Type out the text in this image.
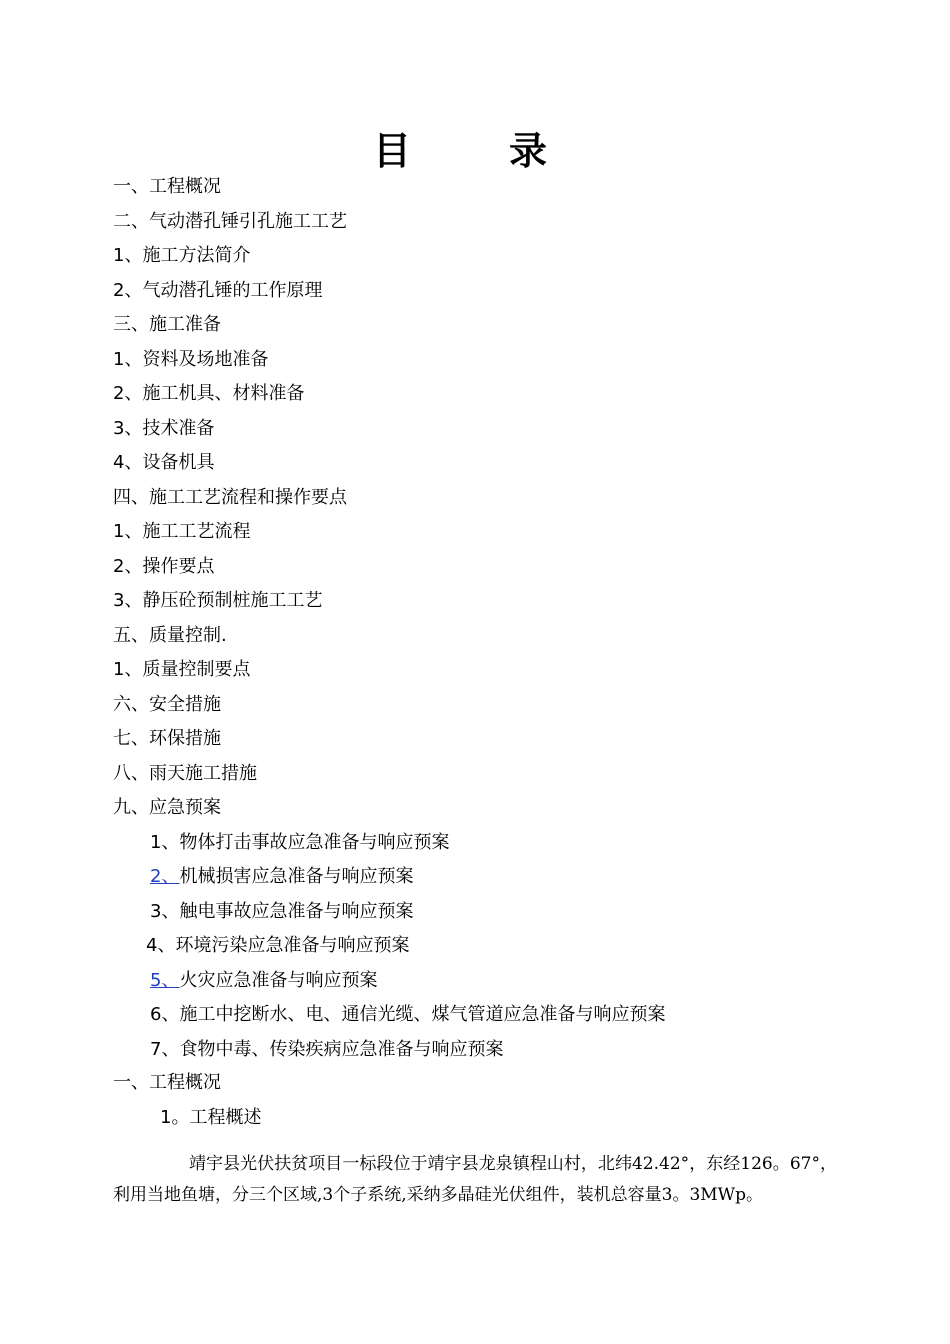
目　录
一、工程概况
二、气动潜孔锤引孔施工工艺
1、施工方法简介
2、气动潜孔锤的工作原理
三、施工准备
1、资料及场地准备
2、施工机具、材料准备
3、技术准备
4、设备机具
四、施工工艺流程和操作要点
1、施工工艺流程
2、操作要点
3、静压砼预制桩施工工艺
五、质量控制.
1、质量控制要点
六、安全措施
七、环保措施
八、雨天施工措施
九、应急预案
1、物体打击事故应急准备与响应预案
2、机械损害应急准备与响应预案
3、触电事故应急准备与响应预案
4、环境污染应急准备与响应预案
5、火灾应急准备与响应预案
6、施工中挖断水、电、通信光缆、煤气管道应急准备与响应预案
7、食物中毒、传染疾病应急准备与响应预案
一、工程概况
1。工程概述

靖宇县光伏扶贫项目一标段位于靖宇县龙泉镇程山村，北纬42.42°，东经126。67°，利用当地鱼塘，分三个区域,3个子系统,采纳多晶硅光伏组件，装机总容量3。3MWp。
